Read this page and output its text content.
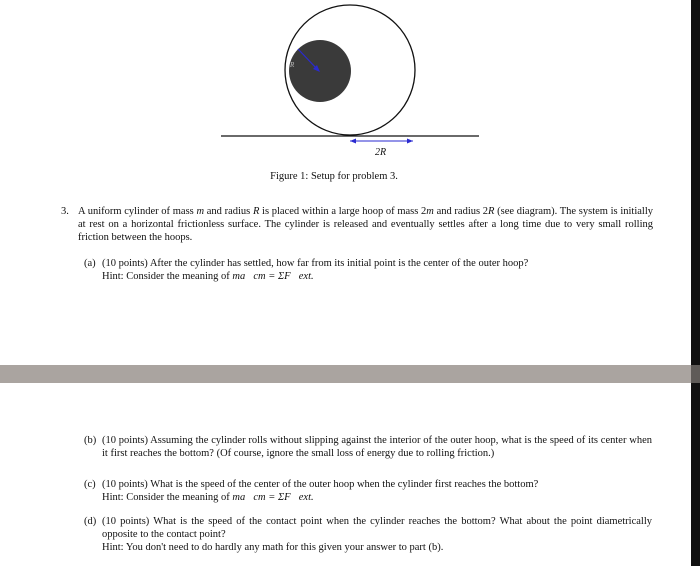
R
2R
Figure 1: Setup for problem 3.
3. A uniform cylinder of mass m and radius R is placed within a large hoop of mass 2m and radius 2R (see diagram). The system is initially at rest on a horizontal frictionless surface. The cylinder is released and eventually settles after a long time due to very small rolling friction between the hoops.
(a) (10 points) After the cylinder has settled, how far from its initial point is the center of the outer hoop?
Hint: Consider the meaning of ma⃗cm = ΣF⃗ext.
(b) (10 points) Assuming the cylinder rolls without slipping against the interior of the outer hoop, what is the speed of its center when it first reaches the bottom? (Of course, ignore the small loss of energy due to rolling friction.)
(c) (10 points) What is the speed of the center of the outer hoop when the cylinder first reaches the bottom?
Hint: Consider the meaning of ma⃗cm = ΣF⃗ext.
(d) (10 points) What is the speed of the contact point when the cylinder reaches the bottom? What about the point diametrically opposite to the contact point?
Hint: You don't need to do hardly any math for this given your answer to part (b).
